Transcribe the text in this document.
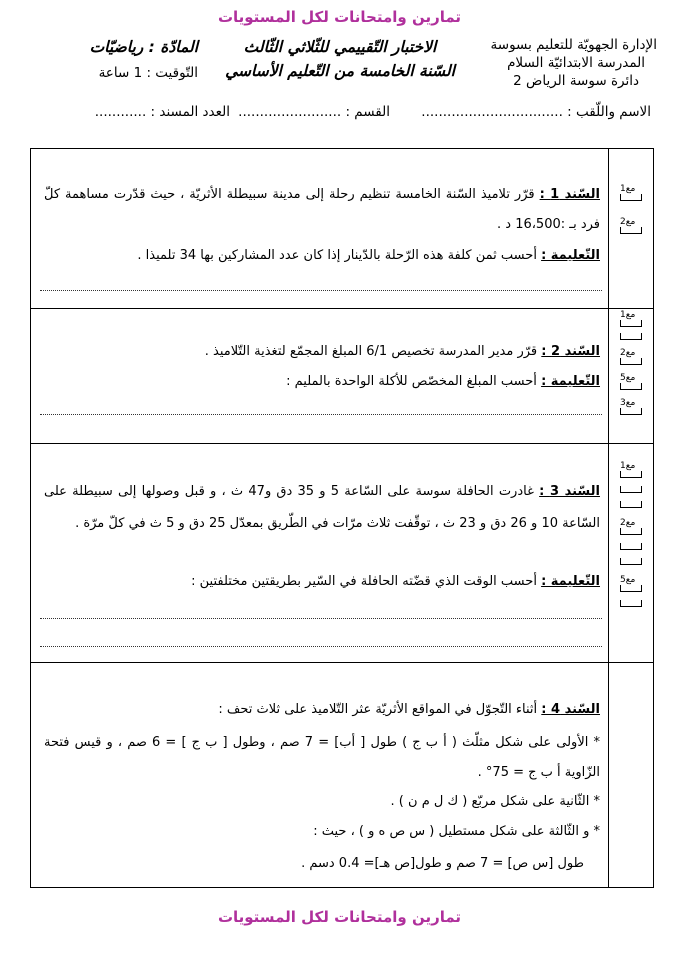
تمارين وامتحانات لكل المستويات
الإدارة الجهويّة للتعليم بسوسة
المدرسة الابتدائيّة السلام
دائرة سوسة الرياض 2
الاختبار التّقييمي للثّلاثي الثّالث
السّنة الخامسة من التّعليم الأساسي
المادّة : رياضيّات
التّوقيت : 1 ساعة
الاسم واللّقب : .................................
القسم : ........................
العدد المسند : ............
مع1
مع2
مع1
مع2
مع5
مع3
مع1
مع2
مع5
السّند 1 : قرّر تلاميذ السّنة الخامسة تنظيم رحلة إلى مدينة سبيطلة الأثريّة ، حيث قدّرت مساهمة كلّ فرد بـ :16،500 د .
التّعليمة : أحسب ثمن كلفة هذه الرّحلة بالدّينار إذا كان عدد المشاركين بها 34 تلميذا .
السّند 2 : قرّر مدير المدرسة تخصيص 6/1 المبلغ المجمّع لتغذية التّلاميذ .
التّعليمة : أحسب المبلغ المخصّص للأكلة الواحدة بالمليم :
السّند 3 : غادرت الحافلة سوسة على السّاعة 5 و 35 دق و47 ث ، و قبل وصولها إلى سبيطلة على السّاعة 10 و 26 دق و 23 ث ، توقّفت ثلاث مرّات في الطّريق بمعدّل 25 دق و 5 ث في كلّ مرّة .
التّعليمة : أحسب الوقت الذي قضّته الحافلة في السّير بطريقتين مختلفتين :
السّند 4 : أثناء التّجوّل في المواقع الأثريّة عثر التّلاميذ على ثلاث تحف :
* الأولى على شكل مثلّث ( أ ب ج ) طول [ أب] = 7 صم ، وطول [ ب ج ] = 6 صم ، و قيس فتحة الزّاوية أ ب ج = 75° .
* الثّانية على شكل مربّع ( ك ل م ن ) .
* و الثّالثة على شكل مستطيل ( س ص ه و ) ، حيث :
طول [س ص] = 7 صم و طول[ص هـ]= 0.4 دسم .
تمارين وامتحانات لكل المستويات
